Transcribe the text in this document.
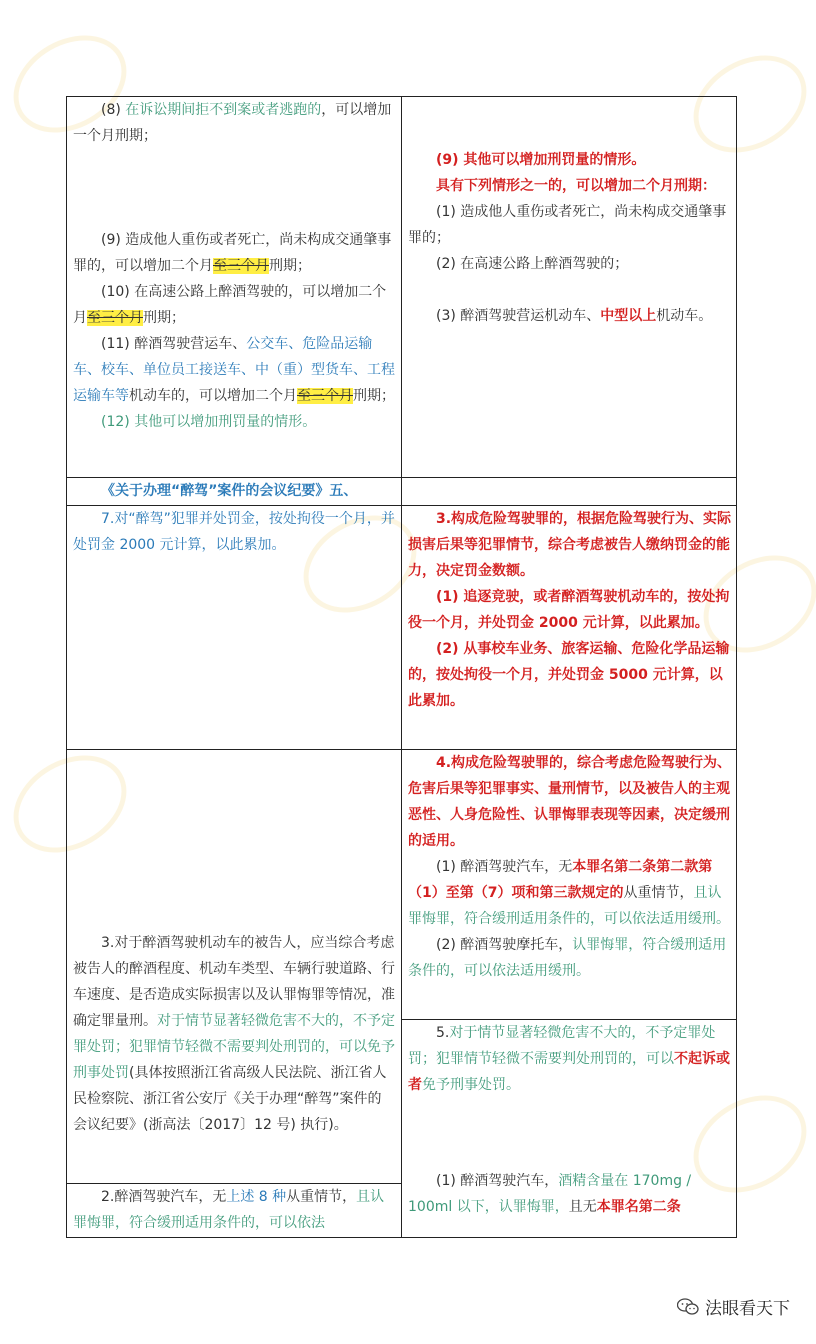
(8) 在诉讼期间拒不到案或者逃跑的，可以增加一个月刑期；

(9) 造成他人重伤或者死亡，尚未构成交通肇事罪的，可以增加二个月至三个月刑期；

(10) 在高速公路上醉酒驾驶的，可以增加二个月至三个月刑期；

(11) 醉酒驾驶营运车、公交车、危险品运输车、校车、单位员工接送车、中（重）型货车、工程运输车等机动车的，可以增加二个月至三个月刑期；

(12) 其他可以增加刑罚量的情形。

(9) 其他可以增加刑罚量的情形。

具有下列情形之一的，可以增加二个月刑期：

(1) 造成他人重伤或者死亡，尚未构成交通肇事罪的；

(2) 在高速公路上醉酒驾驶的；

(3) 醉酒驾驶营运机动车、中型以上机动车。

《关于办理“醉驾”案件的会议纪要》五、

7.对“醉驾”犯罪并处罚金，按处拘役一个月，并处罚金 2000 元计算，以此累加。

3.构成危险驾驶罪的，根据危险驾驶行为、实际损害后果等犯罪情节，综合考虑被告人缴纳罚金的能力，决定罚金数额。

(1) 追逐竞驶，或者醉酒驾驶机动车的，按处拘役一个月，并处罚金 2000 元计算，以此累加。

(2) 从事校车业务、旅客运输、危险化学品运输的，按处拘役一个月，并处罚金 5000 元计算，以此累加。

3.对于醉酒驾驶机动车的被告人，应当综合考虑被告人的醉酒程度、机动车类型、车辆行驶道路、行车速度、是否造成实际损害以及认罪悔罪等情况，准确定罪量刑。对于情节显著轻微危害不大的，不予定罪处罚；犯罪情节轻微不需要判处刑罚的，可以免予刑事处罚(具体按照浙江省高级人民法院、浙江省人民检察院、浙江省公安厅《关于办理“醉驾”案件的会议纪要》(浙高法〔2017〕12 号) 执行)。

4.构成危险驾驶罪的，综合考虑危险驾驶行为、危害后果等犯罪事实、量刑情节，以及被告人的主观恶性、人身危险性、认罪悔罪表现等因素，决定缓刑的适用。

(1) 醉酒驾驶汽车，无本罪名第二条第二款第（1）至第（7）项和第三款规定的从重情节，且认罪悔罪，符合缓刑适用条件的，可以依法适用缓刑。

(2) 醉酒驾驶摩托车，认罪悔罪，符合缓刑适用条件的，可以依法适用缓刑。

5.对于情节显著轻微危害不大的，不予定罪处罚；犯罪情节轻微不需要判处刑罚的，可以不起诉或者免予刑事处罚。

(1) 醉酒驾驶汽车，酒精含量在 170mg / 100ml 以下，认罪悔罪，且无本罪名第二条

2.醉酒驾驶汽车，无上述 8 种从重情节，且认罪悔罪，符合缓刑适用条件的，可以依法

法眼看天下
